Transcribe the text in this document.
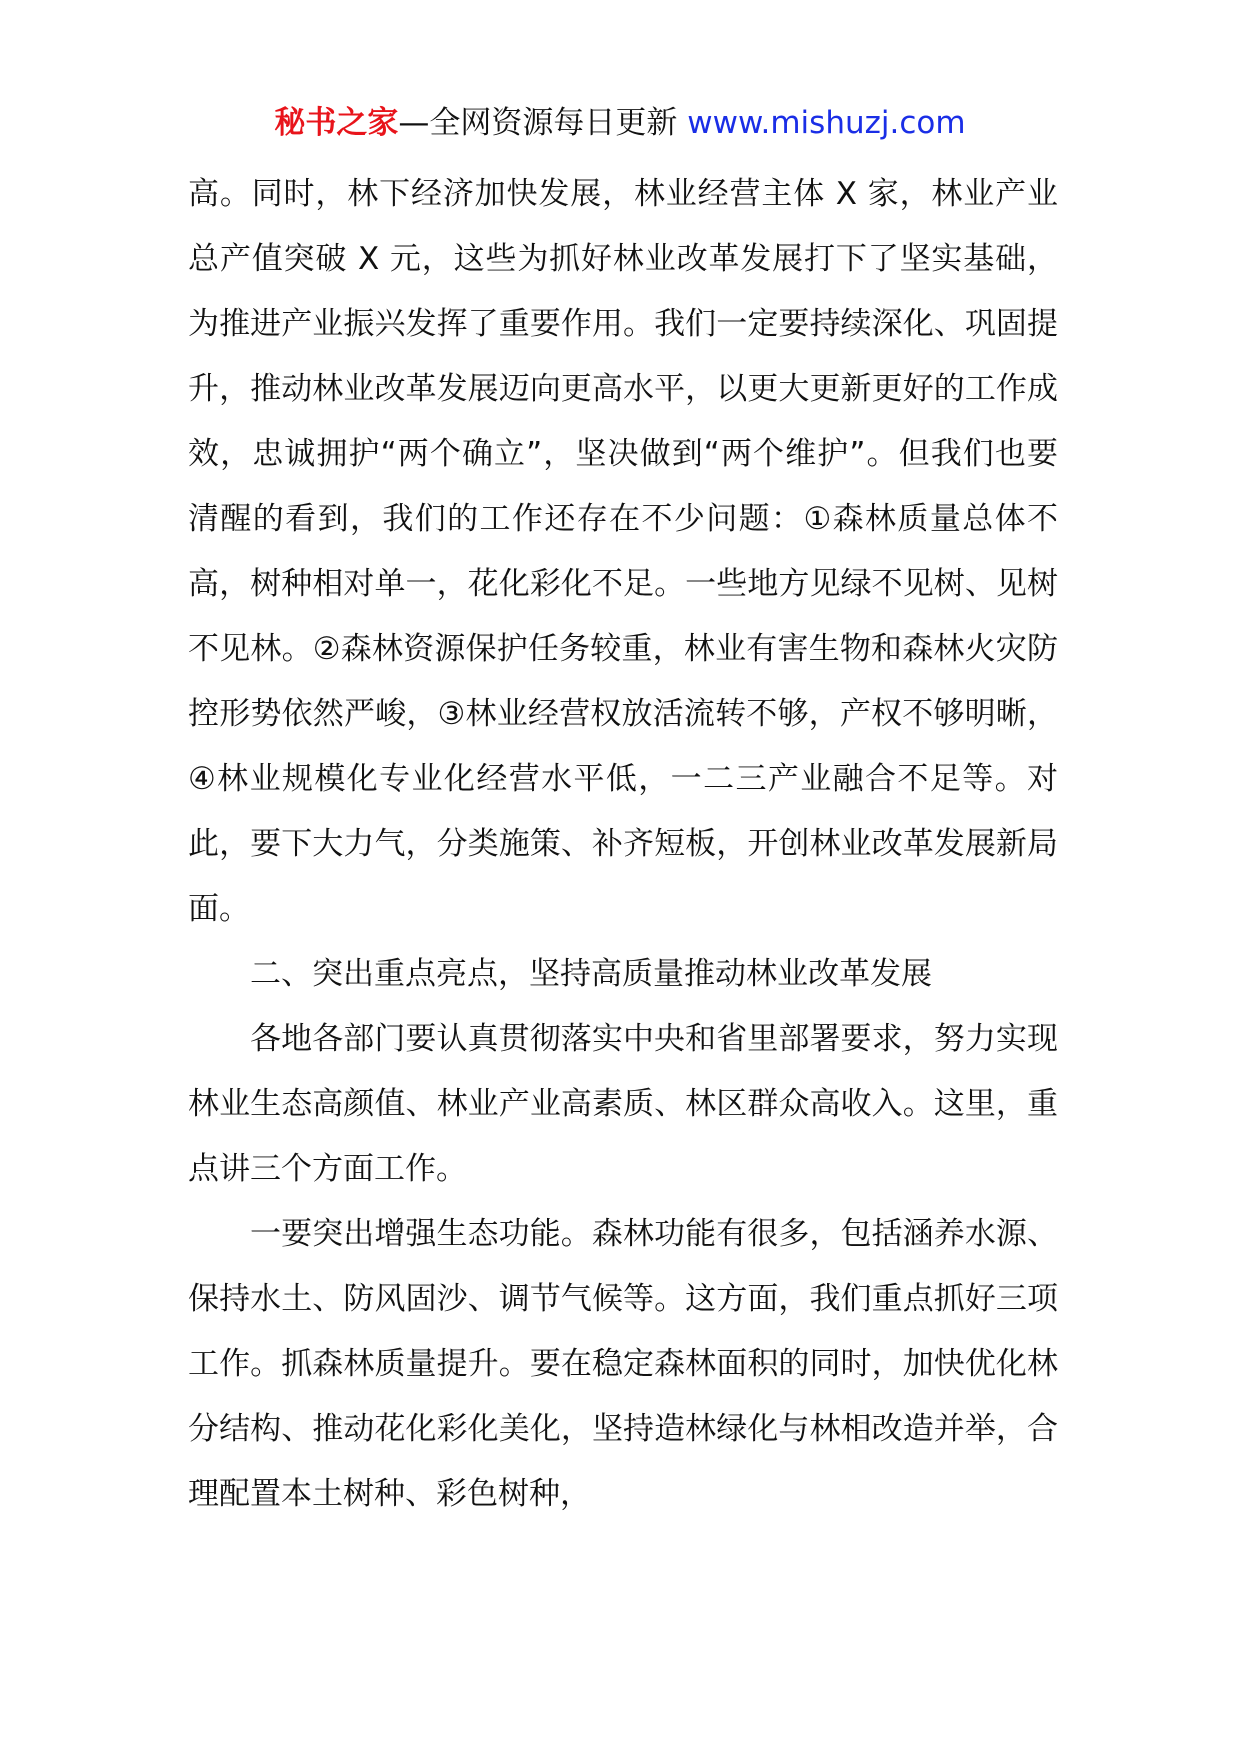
秘书之家—全网资源每日更新 www.mishuzj.com

高。同时，林下经济加快发展，林业经营主体 X 家，林业产业总产值突破 X 元，这些为抓好林业改革发展打下了坚实基础，为推进产业振兴发挥了重要作用。我们一定要持续深化、巩固提升，推动林业改革发展迈向更高水平，以更大更新更好的工作成效，忠诚拥护“两个确立”，坚决做到“两个维护”。但我们也要清醒的看到，我们的工作还存在不少问题：①森林质量总体不高，树种相对单一，花化彩化不足。一些地方见绿不见树、见树不见林。②森林资源保护任务较重，林业有害生物和森林火灾防控形势依然严峻，③林业经营权放活流转不够，产权不够明晰，④林业规模化专业化经营水平低，一二三产业融合不足等。对此，要下大力气，分类施策、补齐短板，开创林业改革发展新局面。

二、突出重点亮点，坚持高质量推动林业改革发展

各地各部门要认真贯彻落实中央和省里部署要求，努力实现林业生态高颜值、林业产业高素质、林区群众高收入。这里，重点讲三个方面工作。

一要突出增强生态功能。森林功能有很多，包括涵养水源、保持水土、防风固沙、调节气候等。这方面，我们重点抓好三项工作。抓森林质量提升。要在稳定森林面积的同时，加快优化林分结构、推动花化彩化美化，坚持造林绿化与林相改造并举，合理配置本土树种、彩色树种，
